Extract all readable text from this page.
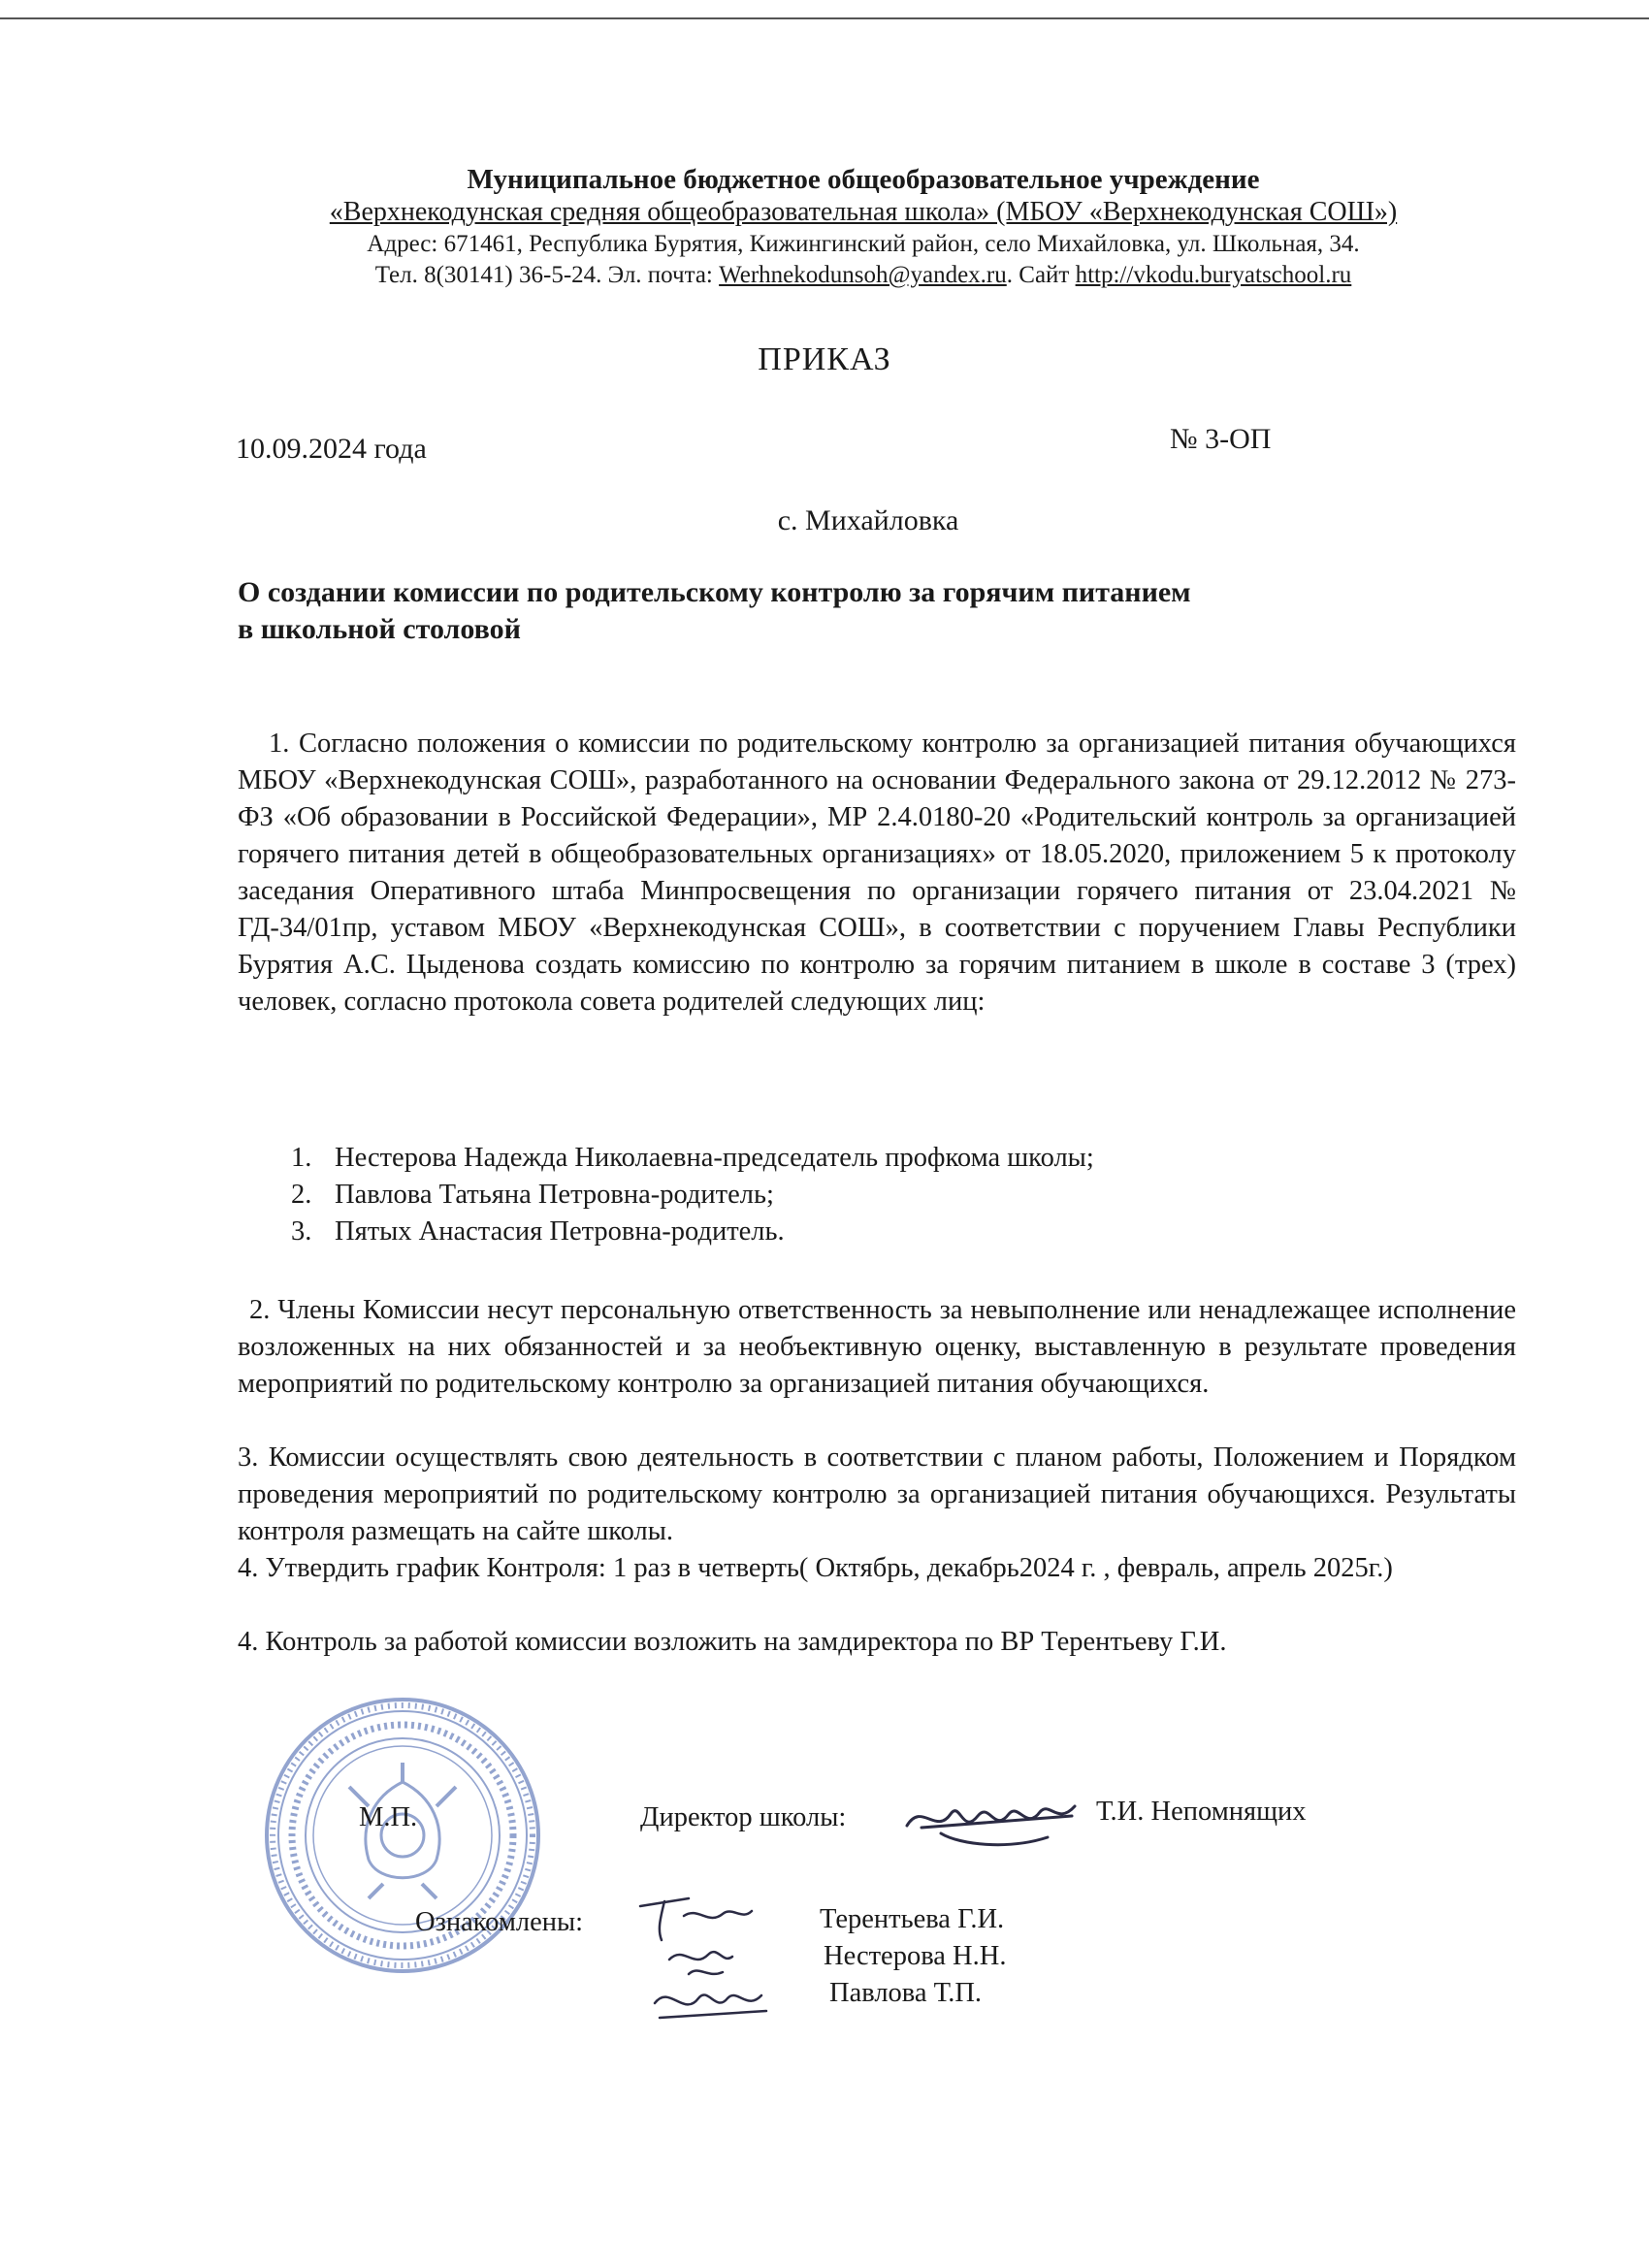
Муниципальное бюджетное общеобразовательное учреждение
«Верхнекодунская средняя общеобразовательная школа» (МБОУ «Верхнекодунская СОШ»)
Адрес: 671461, Республика Бурятия, Кижингинский район, село Михайловка, ул. Школьная, 34.
Тел. 8(30141) 36-5-24. Эл. почта: Werhnekodunsoh@yandex.ru. Сайт http://vkodu.buryatschool.ru
ПРИКАЗ
10.09.2024 года	№ 3-ОП
с. Михайловка
О создании комиссии по родительскому контролю за горячим питанием
в школьной столовой
1. Согласно положения о комиссии по родительскому контролю за организацией питания обучающихся МБОУ «Верхнекодунская СОШ», разработанного на основании Федерального закона от 29.12.2012 № 273-ФЗ «Об образовании в Российской Федерации», МР 2.4.0180-20 «Родительский контроль за организацией горячего питания детей в общеобразовательных организациях» от 18.05.2020, приложением 5 к протоколу заседания Оперативного штаба Минпросвещения по организации горячего питания от 23.04.2021 № ГД-34/01пр, уставом МБОУ «Верхнекодунская СОШ», в соответствии с поручением Главы Республики Бурятия А.С. Цыденова создать комиссию по контролю за горячим питанием в школе в составе 3 (трех) человек, согласно протокола совета родителей следующих лиц:
1. Нестерова Надежда Николаевна-председатель профкома школы;
2. Павлова Татьяна Петровна-родитель;
3. Пятых Анастасия Петровна-родитель.
2. Члены Комиссии несут персональную ответственность за невыполнение или ненадлежащее исполнение возложенных на них обязанностей и за необъективную оценку, выставленную в результате проведения мероприятий по родительскому контролю за организацией питания обучающихся.
3. Комиссии осуществлять свою деятельность в соответствии с планом работы, Положением и Порядком проведения мероприятий по родительскому контролю за организацией питания обучающихся. Результаты контроля размещать на сайте школы.
4. Утвердить график Контроля: 1 раз в четверть( Октябрь, декабрь2024 г. , февраль, апрель 2025г.)
4. Контроль за работой комиссии возложить на замдиректора по ВР Терентьеву Г.И.
М.П.	Директор школы:	Т.И. Непомнящих
Ознакомлены:	Терентьева Г.И.
Нестерова Н.Н.
Павлова Т.П.
